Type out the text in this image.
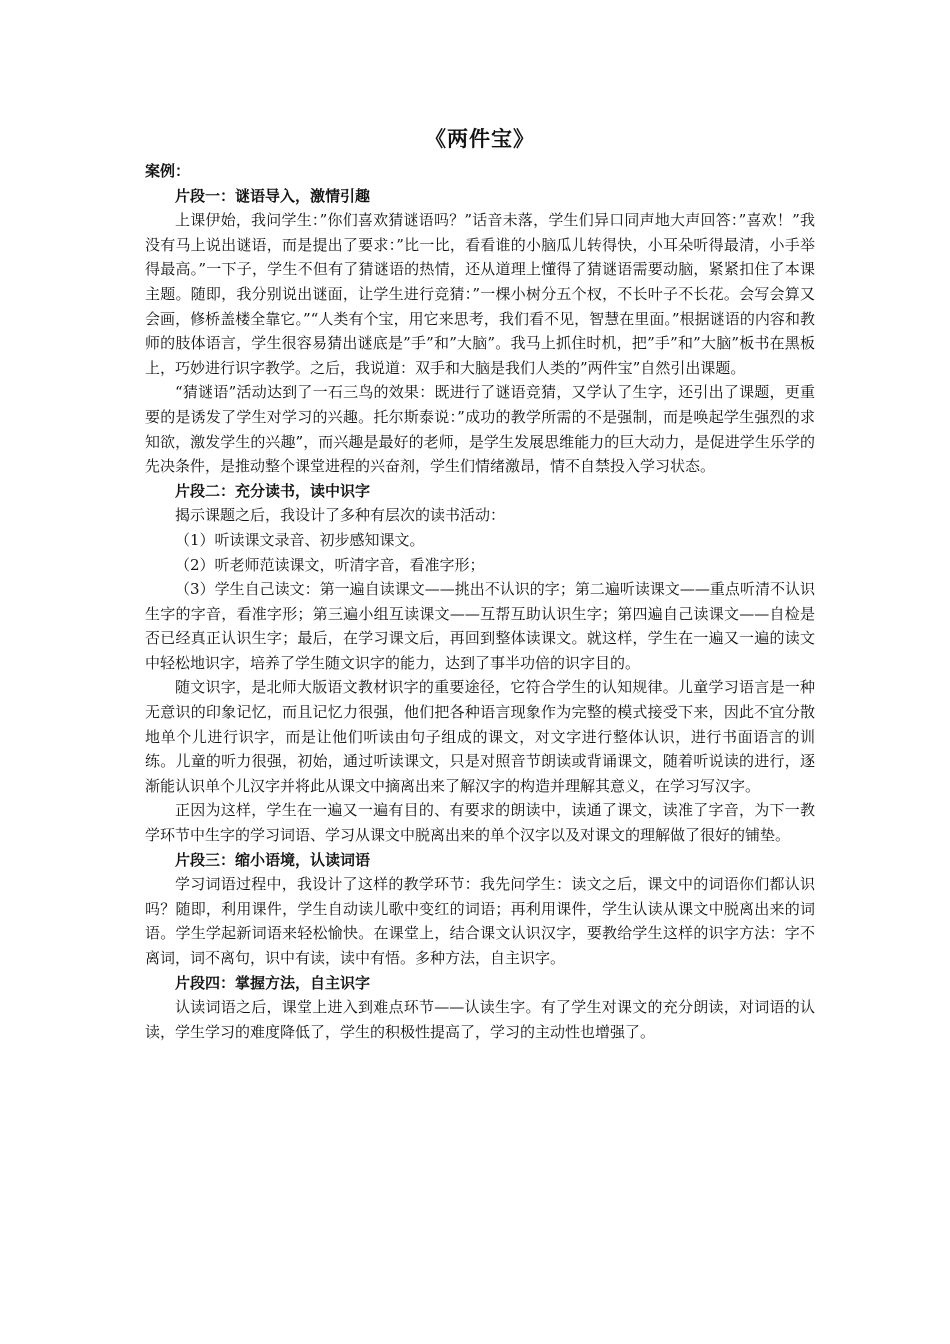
《两件宝》
案例：
片段一：谜语导入，激情引趣

上课伊始，我问学生：”你们喜欢猜谜语吗？”话音未落，学生们异口同声地大声回答：”喜欢！”我没有马上说出谜语，而是提出了要求：”比一比，看看谁的小脑瓜儿转得快，小耳朵听得最清，小手举得最高。”一下子，学生不但有了猜谜语的热情，还从道理上懂得了猜谜语需要动脑，紧紧扣住了本课主题。随即，我分别说出谜面，让学生进行竞猜：”一棵小树分五个杈，不长叶子不长花。会写会算又会画，修桥盖楼全靠它。”“人类有个宝，用它来思考，我们看不见，智慧在里面。”根据谜语的内容和教师的肢体语言，学生很容易猜出谜底是”手”和”大脑”。我马上抓住时机，把”手”和”大脑”板书在黑板上，巧妙进行识字教学。之后，我说道：双手和大脑是我们人类的”两件宝”自然引出课题。

“猜谜语”活动达到了一石三鸟的效果：既进行了谜语竞猜，又学认了生字，还引出了课题，更重要的是诱发了学生对学习的兴趣。托尔斯泰说：”成功的教学所需的不是强制，而是唤起学生强烈的求知欲，激发学生的兴趣”，而兴趣是最好的老师，是学生发展思维能力的巨大动力，是促进学生乐学的先决条件，是推动整个课堂进程的兴奋剂，学生们情绪激昂，情不自禁投入学习状态。

片段二：充分读书，读中识字

揭示课题之后，我设计了多种有层次的读书活动：

（1）听读课文录音、初步感知课文。

（2）听老师范读课文，听清字音，看准字形；

（3）学生自己读文：第一遍自读课文——挑出不认识的字；第二遍听读课文——重点听清不认识生字的字音，看准字形；第三遍小组互读课文——互帮互助认识生字；第四遍自己读课文——自检是否已经真正认识生字；最后，在学习课文后，再回到整体读课文。就这样，学生在一遍又一遍的读文中轻松地识字，培养了学生随文识字的能力，达到了事半功倍的识字目的。

随文识字，是北师大版语文教材识字的重要途径，它符合学生的认知规律。儿童学习语言是一种无意识的印象记忆，而且记忆力很强，他们把各种语言现象作为完整的模式接受下来，因此不宜分散地单个儿进行识字，而是让他们听读由句子组成的课文，对文字进行整体认识，进行书面语言的训练。儿童的听力很强，初始，通过听读课文，只是对照音节朗读或背诵课文，随着听说读的进行，逐渐能认识单个儿汉字并将此从课文中摘离出来了解汉字的构造并理解其意义，在学习写汉字。

正因为这样，学生在一遍又一遍有目的、有要求的朗读中，读通了课文，读准了字音，为下一教学环节中生字的学习词语、学习从课文中脱离出来的单个汉字以及对课文的理解做了很好的铺垫。

片段三：缩小语境，认读词语

学习词语过程中，我设计了这样的教学环节：我先问学生：读文之后，课文中的词语你们都认识吗？随即，利用课件，学生自动读儿歌中变红的词语；再利用课件，学生认读从课文中脱离出来的词语。学生学起新词语来轻松愉快。在课堂上，结合课文认识汉字，要教给学生这样的识字方法：字不离词，词不离句，识中有读，读中有悟。多种方法，自主识字。

片段四：掌握方法，自主识字

认读词语之后，课堂上进入到难点环节——认读生字。有了学生对课文的充分朗读，对词语的认读，学生学习的难度降低了，学生的积极性提高了，学习的主动性也增强了。
